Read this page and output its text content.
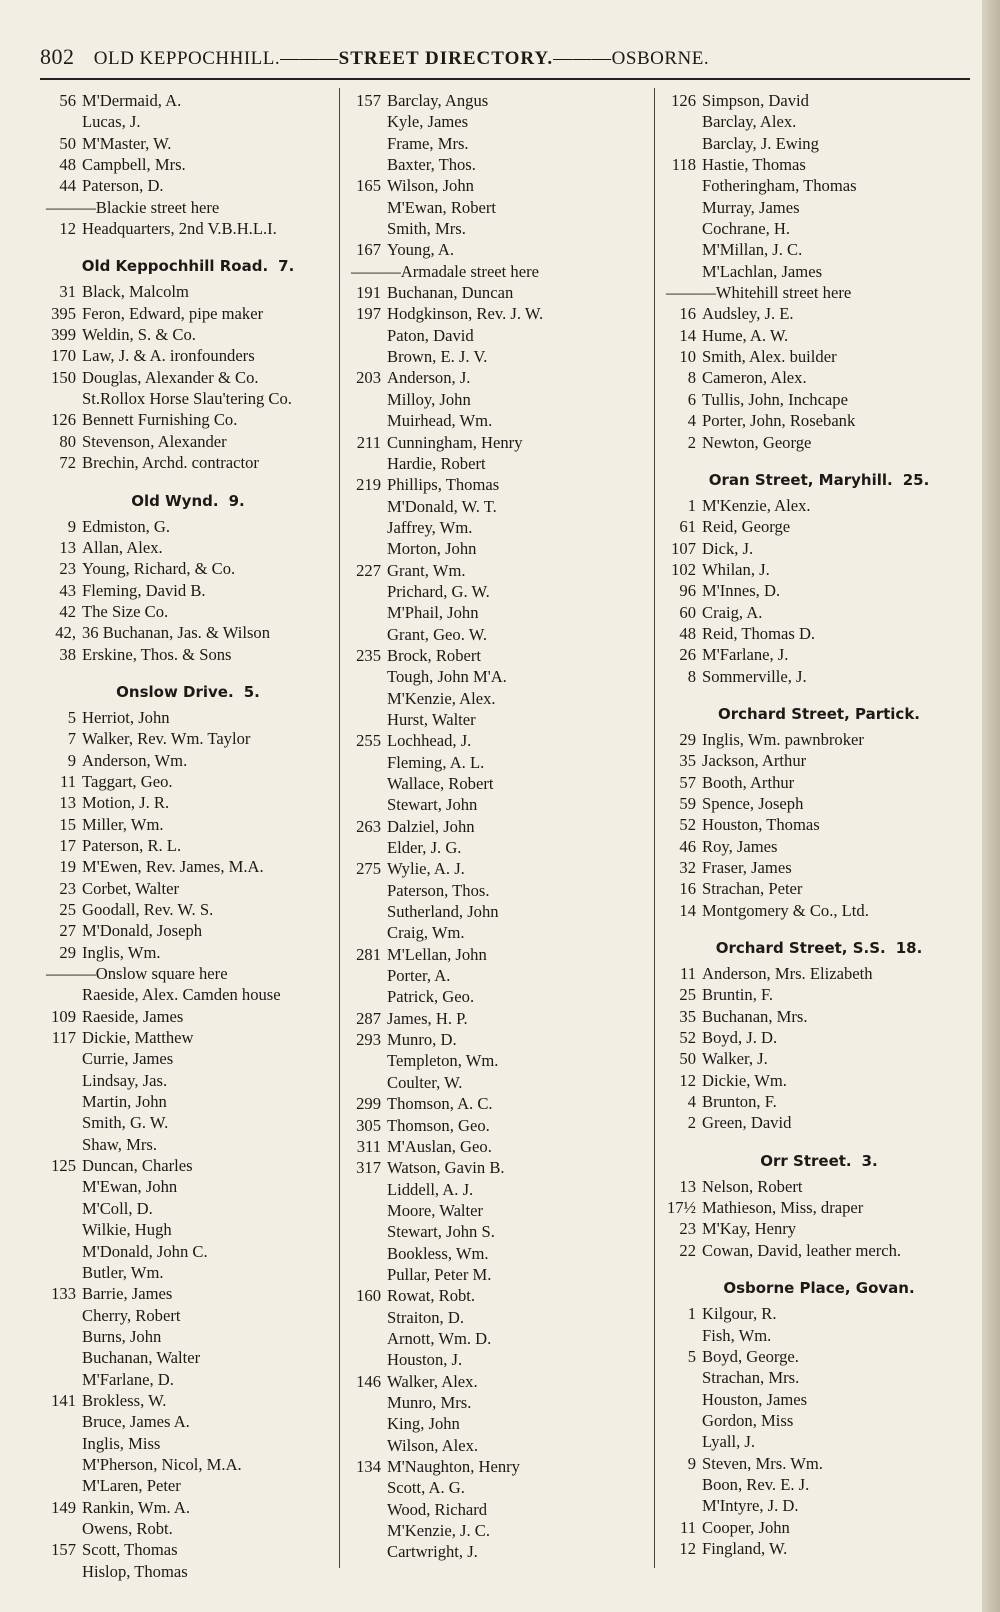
802 OLD KEPPOCHHILL.———STREET DIRECTORY.———OSBORNE.
56 M'Dermaid, A.
Lucas, J.
50 M'Master, W.
48 Campbell, Mrs.
44 Paterson, D.
———Blackie street here
12 Headquarters, 2nd V.B.H.L.I.
Old Keppochhill Road. 7.
31 Black, Malcolm
395 Feron, Edward, pipe maker
399 Weldin, S. & Co.
170 Law, J. & A. ironfounders
150 Douglas, Alexander & Co.
St.Rollox Horse Slau'tering Co.
126 Bennett Furnishing Co.
80 Stevenson, Alexander
72 Brechin, Archd. contractor
Old Wynd. 9.
9 Edmiston, G.
13 Allan, Alex.
23 Young, Richard, & Co.
43 Fleming, David B.
42 The Size Co.
42, 36 Buchanan, Jas. & Wilson
38 Erskine, Thos. & Sons
Onslow Drive. 5.
5 Herriot, John
7 Walker, Rev. Wm. Taylor
9 Anderson, Wm.
11 Taggart, Geo.
13 Motion, J. R.
15 Miller, Wm.
17 Paterson, R. L.
19 M'Ewen, Rev. James, M.A.
23 Corbet, Walter
25 Goodall, Rev. W. S.
27 M'Donald, Joseph
29 Inglis, Wm.
———Onslow square here
Raeside, Alex. Camden house
109 Raeside, James
117 Dickie, Matthew
Currie, James
Lindsay, Jas.
Martin, John
Smith, G. W.
Shaw, Mrs.
125 Duncan, Charles
M'Ewan, John
M'Coll, D.
Wilkie, Hugh
M'Donald, John C.
Butler, Wm.
133 Barrie, James
Cherry, Robert
Burns, John
Buchanan, Walter
M'Farlane, D.
141 Brokless, W.
Bruce, James A.
Inglis, Miss
M'Pherson, Nicol, M.A.
M'Laren, Peter
149 Rankin, Wm. A.
Owens, Robt.
157 Scott, Thomas
Hislop, Thomas
157 Barclay, Angus
Kyle, James
Frame, Mrs.
Baxter, Thos.
165 Wilson, John
M'Ewan, Robert
Smith, Mrs.
167 Young, A.
———Armadale street here
191 Buchanan, Duncan
197 Hodgkinson, Rev. J. W.
Paton, David
Brown, E. J. V.
203 Anderson, J.
Milloy, John
Muirhead, Wm.
211 Cunningham, Henry
Hardie, Robert
219 Phillips, Thomas
M'Donald, W. T.
Jaffrey, Wm.
Morton, John
227 Grant, Wm.
Prichard, G. W.
M'Phail, John
Grant, Geo. W.
235 Brock, Robert
Tough, John M'A.
M'Kenzie, Alex.
Hurst, Walter
255 Lochhead, J.
Fleming, A. L.
Wallace, Robert
Stewart, John
263 Dalziel, John
Elder, J. G.
275 Wylie, A. J.
Paterson, Thos.
Sutherland, John
Craig, Wm.
281 M'Lellan, John
Porter, A.
Patrick, Geo.
287 James, H. P.
293 Munro, D.
Templeton, Wm.
Coulter, W.
299 Thomson, A. C.
305 Thomson, Geo.
311 M'Auslan, Geo.
317 Watson, Gavin B.
Liddell, A. J.
Moore, Walter
Stewart, John S.
Bookless, Wm.
Pullar, Peter M.
160 Rowat, Robt.
Straiton, D.
Arnott, Wm. D.
Houston, J.
146 Walker, Alex.
Munro, Mrs.
King, John
Wilson, Alex.
134 M'Naughton, Henry
Scott, A. G.
Wood, Richard
M'Kenzie, J. C.
Cartwright, J.
126 Simpson, David
Barclay, Alex.
Barclay, J. Ewing
118 Hastie, Thomas
Fotheringham, Thomas
Murray, James
Cochrane, H.
M'Millan, J. C.
M'Lachlan, James
———Whitehill street here
16 Audsley, J. E.
14 Hume, A. W.
10 Smith, Alex. builder
8 Cameron, Alex.
6 Tullis, John, Inchcape
4 Porter, John, Rosebank
2 Newton, George
Oran Street, Maryhill. 25.
1 M'Kenzie, Alex.
61 Reid, George
107 Dick, J.
102 Whilan, J.
96 M'Innes, D.
60 Craig, A.
48 Reid, Thomas D.
26 M'Farlane, J.
8 Sommerville, J.
Orchard Street, Partick.
29 Inglis, Wm. pawnbroker
35 Jackson, Arthur
57 Booth, Arthur
59 Spence, Joseph
52 Houston, Thomas
46 Roy, James
32 Fraser, James
16 Strachan, Peter
14 Montgomery & Co., Ltd.
Orchard Street, S.S. 18.
11 Anderson, Mrs. Elizabeth
25 Bruntin, F.
35 Buchanan, Mrs.
52 Boyd, J. D.
50 Walker, J.
12 Dickie, Wm.
4 Brunton, F.
2 Green, David
Orr Street. 3.
13 Nelson, Robert
17½ Mathieson, Miss, draper
23 M'Kay, Henry
22 Cowan, David, leather merch.
Osborne Place, Govan.
1 Kilgour, R.
Fish, Wm.
5 Boyd, George.
Strachan, Mrs.
Houston, James
Gordon, Miss
Lyall, J.
9 Steven, Mrs. Wm.
Boon, Rev. E. J.
M'Intyre, J. D.
11 Cooper, John
12 Fingland, W.
